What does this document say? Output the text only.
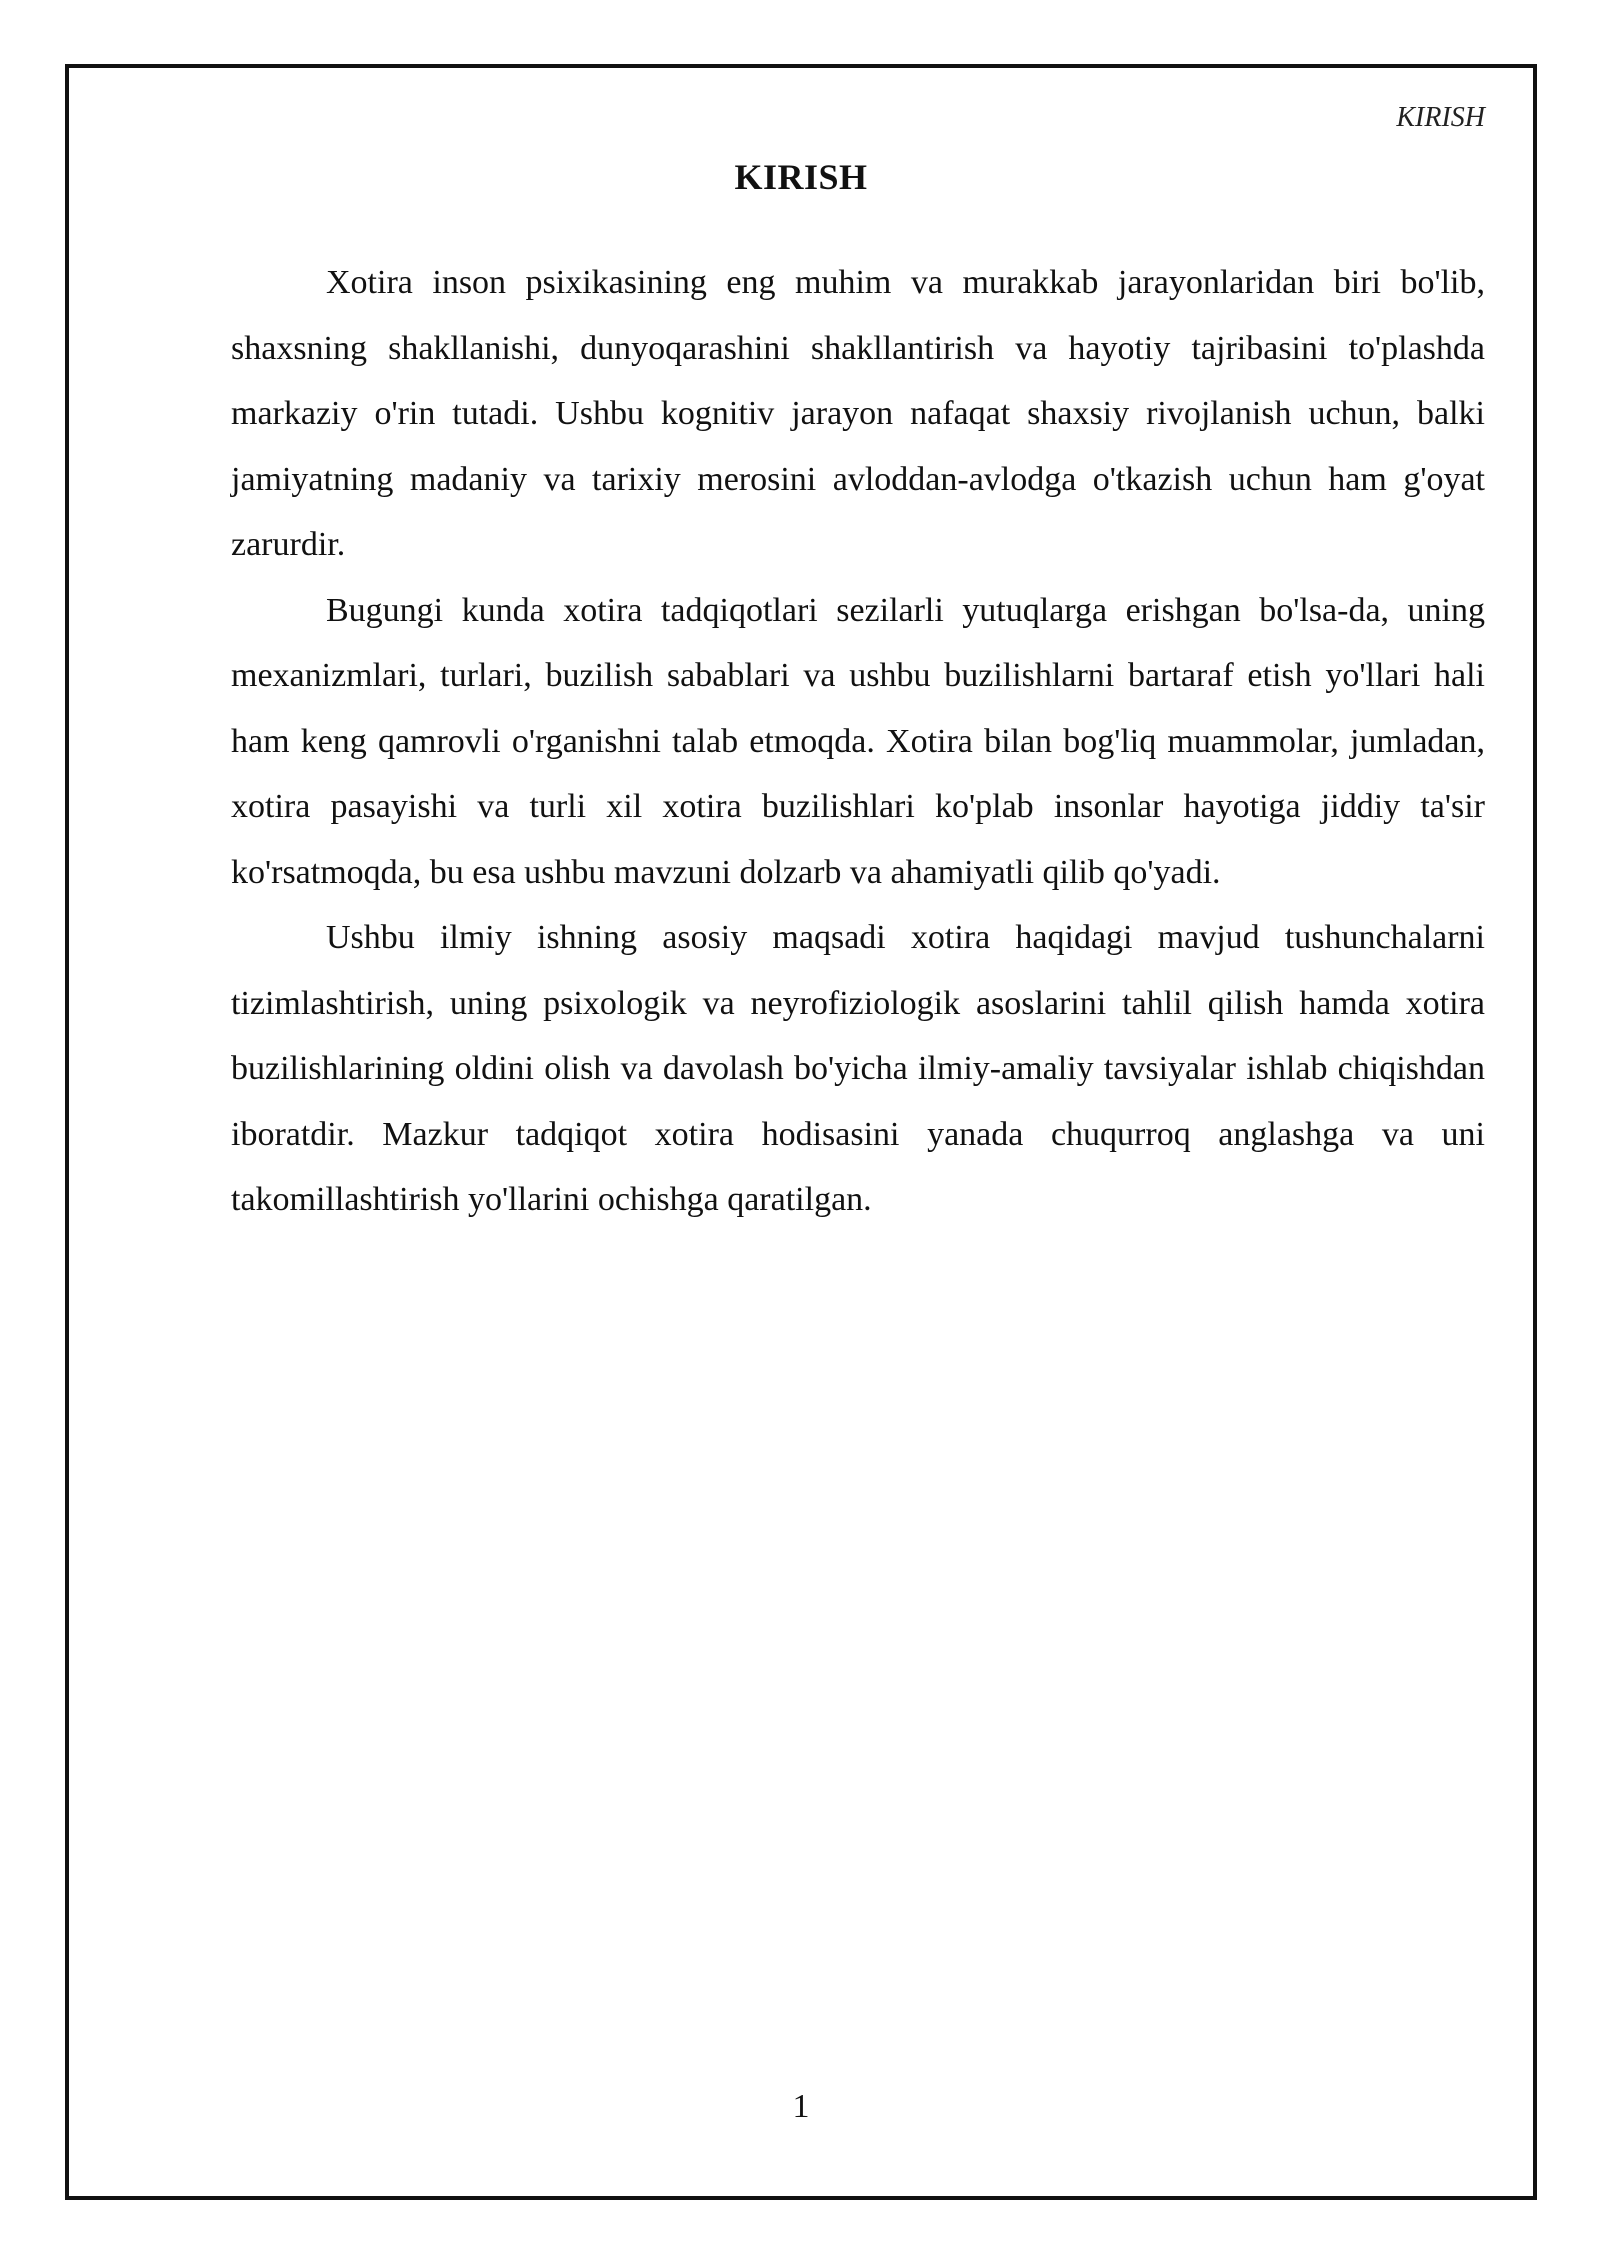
KIRISH

KIRISH

Xotira inson psixikasining eng muhim va murakkab jarayonlaridan biri bo'lib, shaxsning shakllanishi, dunyoqarashini shakllantirish va hayotiy tajribasini to'plashda markaziy o'rin tutadi. Ushbu kognitiv jarayon nafaqat shaxsiy rivojlanish uchun, balki jamiyatning madaniy va tarixiy merosini avloddan-avlodga o'tkazish uchun ham g'oyat zarurdir.

Bugungi kunda xotira tadqiqotlari sezilarli yutuqlarga erishgan bo'lsa-da, uning mexanizmlari, turlari, buzilish sabablari va ushbu buzilishlarni bartaraf etish yo'llari hali ham keng qamrovli o'rganishni talab etmoqda. Xotira bilan bog'liq muammolar, jumladan, xotira pasayishi va turli xil xotira buzilishlari ko'plab insonlar hayotiga jiddiy ta'sir ko'rsatmoqda, bu esa ushbu mavzuni dolzarb va ahamiyatli qilib qo'yadi.

Ushbu ilmiy ishning asosiy maqsadi xotira haqidagi mavjud tushunchalarni tizimlashtirish, uning psixologik va neyrofiziologik asoslarini tahlil qilish hamda xotira buzilishlarining oldini olish va davolash bo'yicha ilmiy-amaliy tavsiyalar ishlab chiqishdan iboratdir. Mazkur tadqiqot xotira hodisasini yanada chuqurroq anglashga va uni takomillashtirish yo'llarini ochishga qaratilgan.

1
